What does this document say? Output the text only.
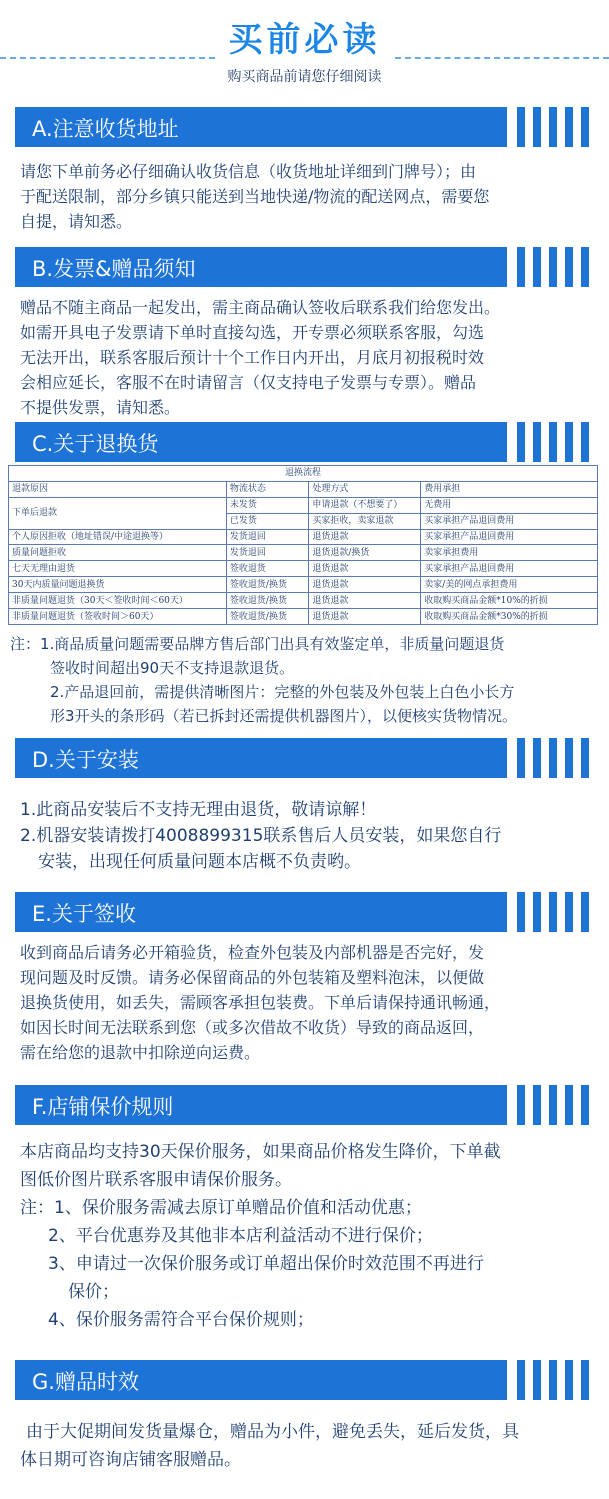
买前必读
购买商品前请您仔细阅读
A.注意收货地址

请您下单前务必仔细确认收货信息（收货地址详细到门牌号）；由

于配送限制，部分乡镇只能送到当地快递/物流的配送网点，需要您

自提，请知悉。

B.发票&赠品须知

赠品不随主商品一起发出，需主商品确认签收后联系我们给您发出。

如需开具电子发票请下单时直接勾选，开专票必须联系客服，勾选

无法开出，联系客服后预计十个工作日内开出，月底月初报税时效

会相应延长，客服不在时请留言（仅支持电子发票与专票）。赠品

不提供发票，请知悉。

C.关于退换货
退换流程			
退款原因	物流状态	处理方式	费用承担
下单后退款	未发货	申请退款（不想要了）	无费用
	已发货	买家拒收，卖家退款	买家承担产品退回费用
个人原因拒收（地址错误/中途退换等）	发货退回	退货退款	买家承担产品退回费用
质量问题拒收	发货退回	退货退款/换货	卖家承担费用
七天无理由退货	签收退货	退货退款	买家承担产品退回费用
30天内质量问题退换货	签收退货/换货	退货退款	卖家/美的网点承担费用
非质量问题退货（30天＜签收时间＜60天）	签收退货/换货	退货退款	收取购买商品金额*10%的折损
非质量问题退货（签收时间＞60天）	签收退货/换货	退货退款	收取购买商品金额*30%的折损

注：1.商品质量问题需要品牌方售后部门出具有效鉴定单，非质量问题退货

签收时间超出90天不支持退款退货。

2.产品退回前，需提供清晰图片：完整的外包装及外包装上白色小长方

形3开头的条形码（若已拆封还需提供机器图片），以便核实货物情况。

D.关于安装

1.此商品安装后不支持无理由退货，敬请谅解！

2.机器安装请拨打4008899315联系售后人员安装，如果您自行

安装，出现任何质量问题本店概不负责哟。

E.关于签收

收到商品后请务必开箱验货，检查外包装及内部机器是否完好，发

现问题及时反馈。请务必保留商品的外包装箱及塑料泡沫，以便做

退换货使用，如丢失，需顾客承担包装费。下单后请保持通讯畅通，

如因长时间无法联系到您（或多次借故不收货）导致的商品返回，

需在给您的退款中扣除逆向运费。

F.店铺保价规则

本店商品均支持30天保价服务，如果商品价格发生降价，下单截

图低价图片联系客服申请保价服务。

注：1、保价服务需减去原订单赠品价值和活动优惠；

2、平台优惠券及其他非本店利益活动不进行保价；

3、申请过一次保价服务或订单超出保价时效范围不再进行

保价；

4、保价服务需符合平台保价规则；

G.赠品时效

由于大促期间发货量爆仓，赠品为小件，避免丢失，延后发货，具

体日期可咨询店铺客服赠品。
